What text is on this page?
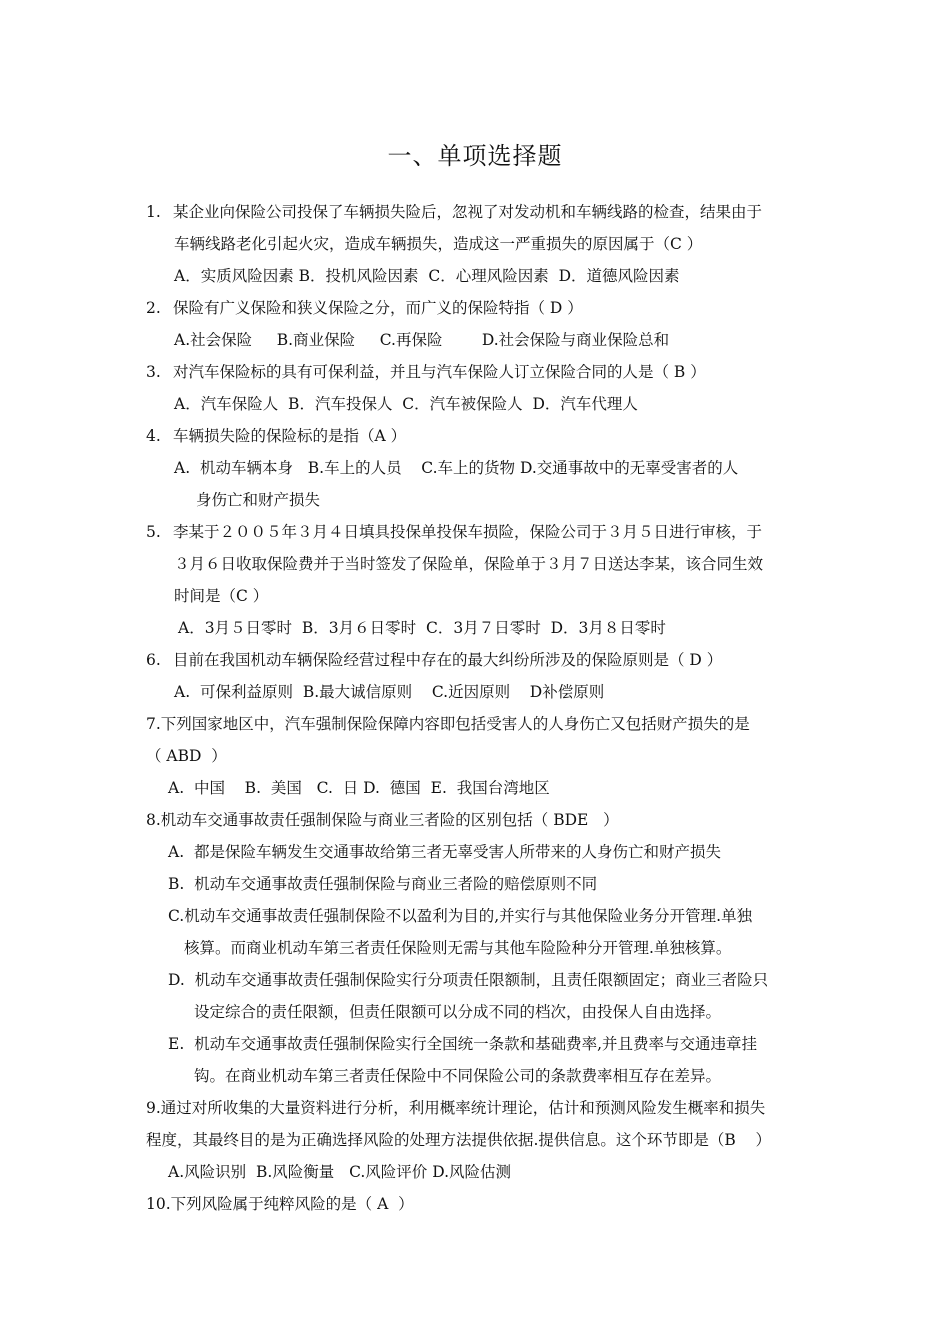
一、单项选择题
1. 某企业向保险公司投保了车辆损失险后，忽视了对发动机和车辆线路的检查，结果由于
车辆线路老化引起火灾，造成车辆损失，造成这一严重损失的原因属于（C ）
A．实质风险因素 B．投机风险因素  C．心理风险因素  D．道德风险因素
2. 保险有广义保险和狭义保险之分，而广义的保险特指（ D ）
A.社会保险     B.商业保险     C.再保险        D.社会保险与商业保险总和
3. 对汽车保险标的具有可保利益，并且与汽车保险人订立保险合同的人是（ B ）
A．汽车保险人  B．汽车投保人  C．汽车被保险人  D．汽车代理人
4. 车辆损失险的保险标的是指（A ）
A.  机动车辆本身   B.车上的人员    C.车上的货物 D.交通事故中的无辜受害者的人
身伤亡和财产损失
5. 李某于２００５年３月４日填具投保单投保车损险，保险公司于３月５日进行审核，于
３月６日收取保险费并于当时签发了保险单，保险单于３月７日送达李某，该合同生效
时间是（C ）
A．3月５日零时  B．3月６日零时  C．3月７日零时  D．3月８日零时
6. 目前在我国机动车辆保险经营过程中存在的最大纠纷所涉及的保险原则是（ D ）
A.  可保利益原则  B.最大诚信原则    C.近因原则    D补偿原则
7.下列国家地区中，汽车强制保险保障内容即包括受害人的人身伤亡又包括财产损失的是
（ ABD  ）
A.  中国    B.  美国   C.  日 D.  德国  E.  我国台湾地区
8.机动车交通事故责任强制保险与商业三者险的区别包括（ BDE   ）
A.  都是保险车辆发生交通事故给第三者无辜受害人所带来的人身伤亡和财产损失
B.  机动车交通事故责任强制保险与商业三者险的赔偿原则不同
C.机动车交通事故责任强制保险不以盈利为目的,并实行与其他保险业务分开管理.单独
核算。而商业机动车第三者责任保险则无需与其他车险险种分开管理.单独核算。
D.  机动车交通事故责任强制保险实行分项责任限额制，且责任限额固定；商业三者险只
设定综合的责任限额，但责任限额可以分成不同的档次，由投保人自由选择。
E.  机动车交通事故责任强制保险实行全国统一条款和基础费率,并且费率与交通违章挂
钩。在商业机动车第三者责任保险中不同保险公司的条款费率相互存在差异。
9.通过对所收集的大量资料进行分析，利用概率统计理论，估计和预测风险发生概率和损失
程度，其最终目的是为正确选择风险的处理方法提供依据.提供信息。这个环节即是（B    ）
A.风险识别  B.风险衡量   C.风险评价 D.风险估测
10.下列风险属于纯粹风险的是（ A  ）
